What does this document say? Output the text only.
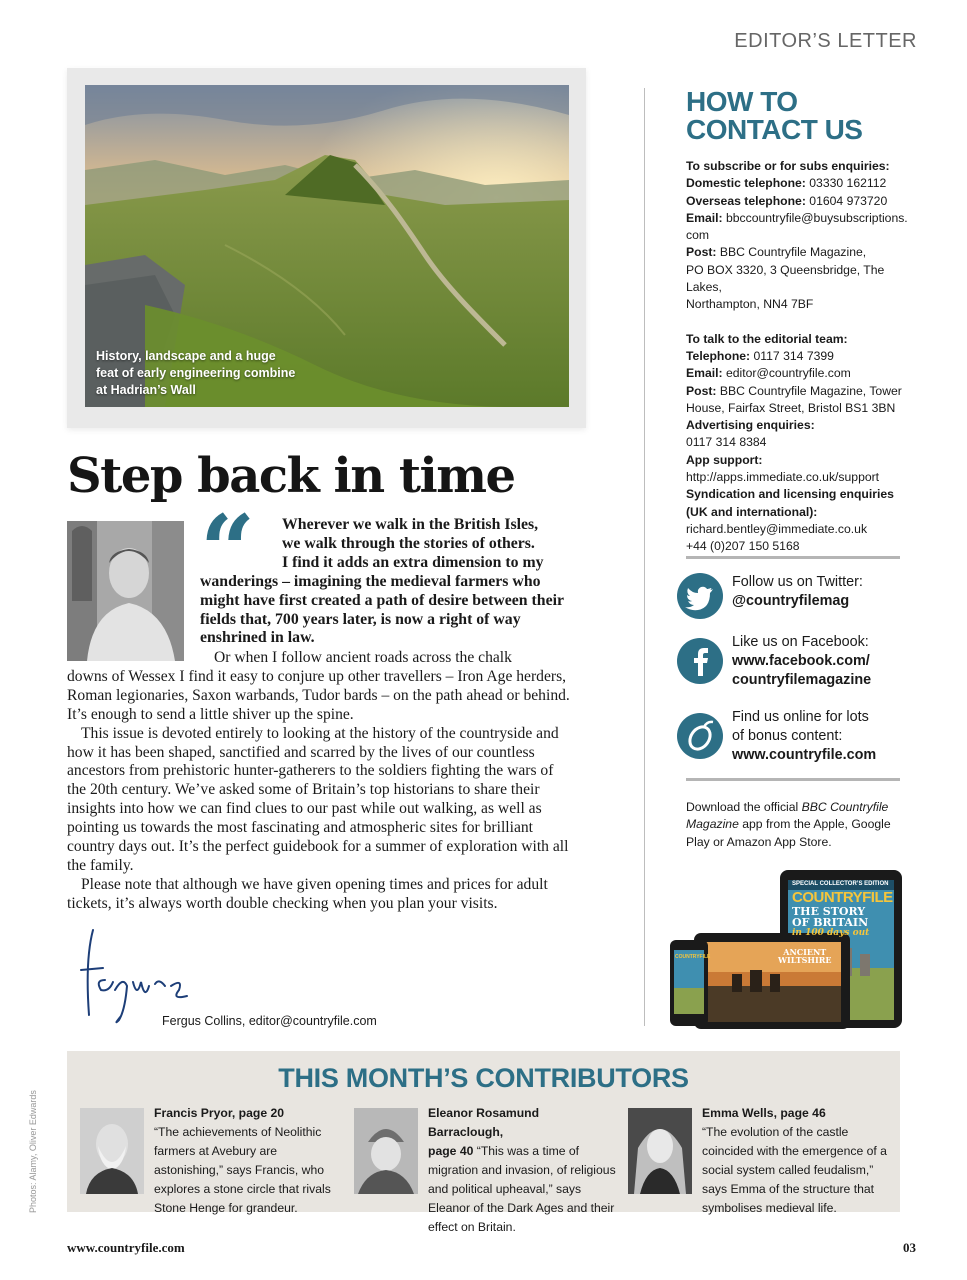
EDITOR’S LETTER
History, landscape and a huge feat of early engineering combine at Hadrian’s Wall
Step back in time
“	Wherever we walk in the British Isles,
we walk through the stories of others.
I find it adds an extra dimension to my
wanderings – imagining the medieval farmers who might have first created a path of desire between their fields that, 700 years later, is now a right of way enshrined in law.

Or when I follow ancient roads across the chalk
downs of Wessex I find it easy to conjure up other travellers – Iron Age herders, Roman legionaries, Saxon warbands, Tudor bards – on the path ahead or behind. It’s enough to send a little shiver up the spine.

This issue is devoted entirely to looking at the history of the countryside and how it has been shaped, sanctified and scarred by the lives of our countless ancestors from prehistoric hunter-gatherers to the soldiers fighting the wars of the 20th century. We’ve asked some of Britain’s top historians to share their insights into how we can find clues to our past while out walking, as well as pointing us towards the most fascinating and atmospheric sites for brilliant country days out. It’s the perfect guidebook for a summer of exploration with all the family.

Please note that although we have given opening times and prices for adult tickets, it’s always worth double checking when you plan your visits.

Fergus Collins, editor@countryfile.com
HOW TO
CONTACT US
To subscribe or for subs enquiries:
Domestic telephone: 03330 162112
Overseas telephone: 01604 973720
Email: bbccountryfile@buysubscriptions.
com
Post: BBC Countryfile Magazine,
PO BOX 3320, 3 Queensbridge, The Lakes,
Northampton, NN4 7BF
To talk to the editorial team:
Telephone: 0117 314 7399
Email: editor@countryfile.com
Post: BBC Countryfile Magazine, Tower
House, Fairfax Street, Bristol BS1 3BN
Advertising enquiries:
0117 314 8384
App support:
http://apps.immediate.co.uk/support
Syndication and licensing enquiries
(UK and international):
richard.bentley@immediate.co.uk
+44 (0)207 150 5168
Follow us on Twitter:
@countryfilemag
Like us on Facebook:
www.facebook.com/
countryfilemagazine
Find us online for lots
of bonus content:
www.countryfile.com
Download the official BBC Countryfile Magazine app from the Apple, Google Play or Amazon App Store.
SPECIAL COLLECTOR’S EDITION
COUNTRYFILE
THE STORY
OF BRITAIN
in 100 days out
ANCIENT
WILTSHIRE
COUNTRYFILE
THIS MONTH’S CONTRIBUTORS
Francis Pryor, page 20
“The achievements of Neolithic farmers at Avebury are astonishing,” says Francis, who explores a stone circle that rivals Stone Henge for grandeur.
Eleanor Rosamund Barraclough,
page 40 “This was a time of migration and invasion, of religious and political upheaval,” says Eleanor of the Dark Ages and their effect on Britain.
Emma Wells, page 46
“The evolution of the castle coincided with the emergence of a social system called feudalism,” says Emma of the structure that symbolises medieval life.
Photos: Alamy, Oliver Edwards
www.countryfile.com	03
